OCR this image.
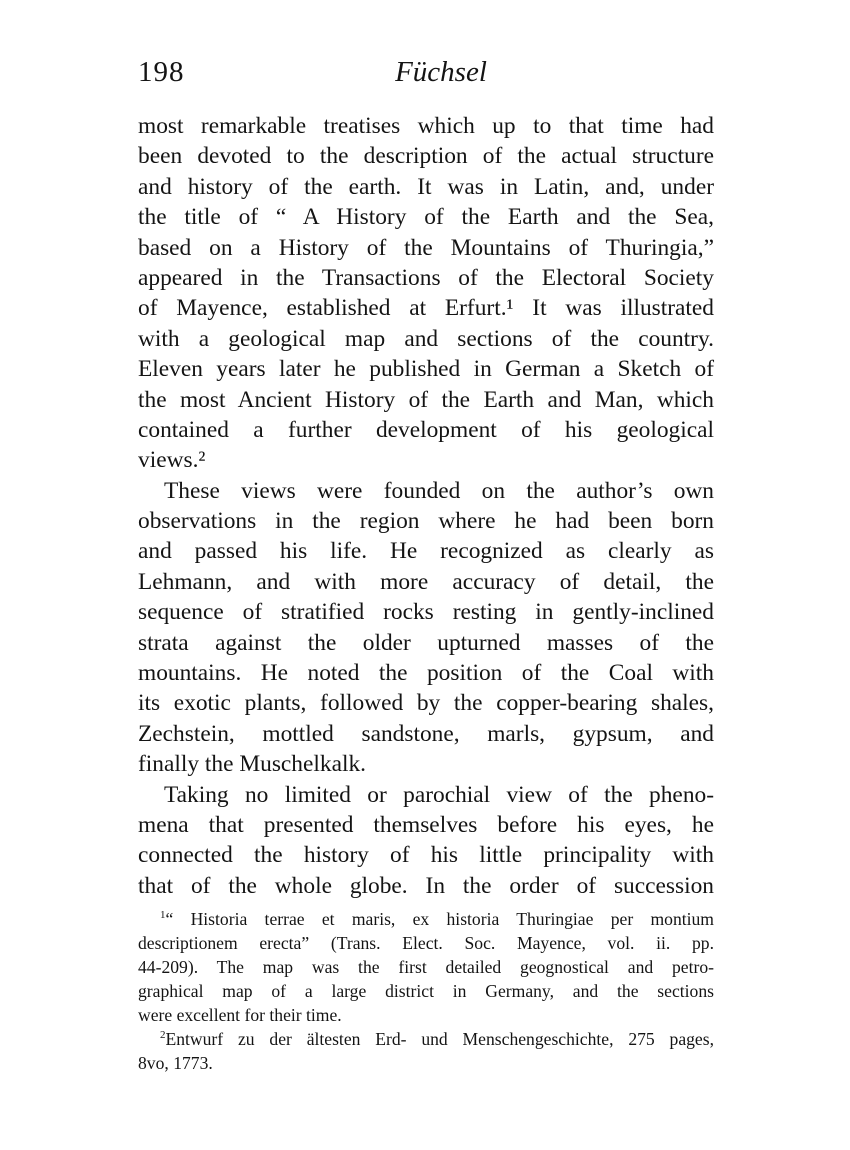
198	Füchsel
most remarkable treatises which up to that time had
been devoted to the description of the actual structure
and history of the earth. It was in Latin, and, under
the title of “ A History of the Earth and the Sea,
based on a History of the Mountains of Thuringia,”
appeared in the Transactions of the Electoral Society
of Mayence, established at Erfurt.¹ It was illustrated
with a geological map and sections of the country.
Eleven years later he published in German a Sketch of
the most Ancient History of the Earth and Man, which
contained a further development of his geological
views.²
These views were founded on the author’s own
observations in the region where he had been born
and passed his life. He recognized as clearly as
Lehmann, and with more accuracy of detail, the
sequence of stratified rocks resting in gently-inclined
strata against the older upturned masses of the
mountains. He noted the position of the Coal with
its exotic plants, followed by the copper-bearing shales,
Zechstein, mottled sandstone, marls, gypsum, and
finally the Muschelkalk.
Taking no limited or parochial view of the pheno-
mena that presented themselves before his eyes, he
connected the history of his little principality with
that of the whole globe. In the order of succession
$^1$“ Historia terrae et maris, ex historia Thuringiae per montium
descriptionem erecta” (Trans. Elect. Soc. Mayence, vol. ii. pp.
44-209). The map was the first detailed geognostical and petro-
graphical map of a large district in Germany, and the sections
were excellent for their time.
$^2$Entwurf zu der ältesten Erd- und Menschengeschichte, 275 pages,
8vo, 1773.
